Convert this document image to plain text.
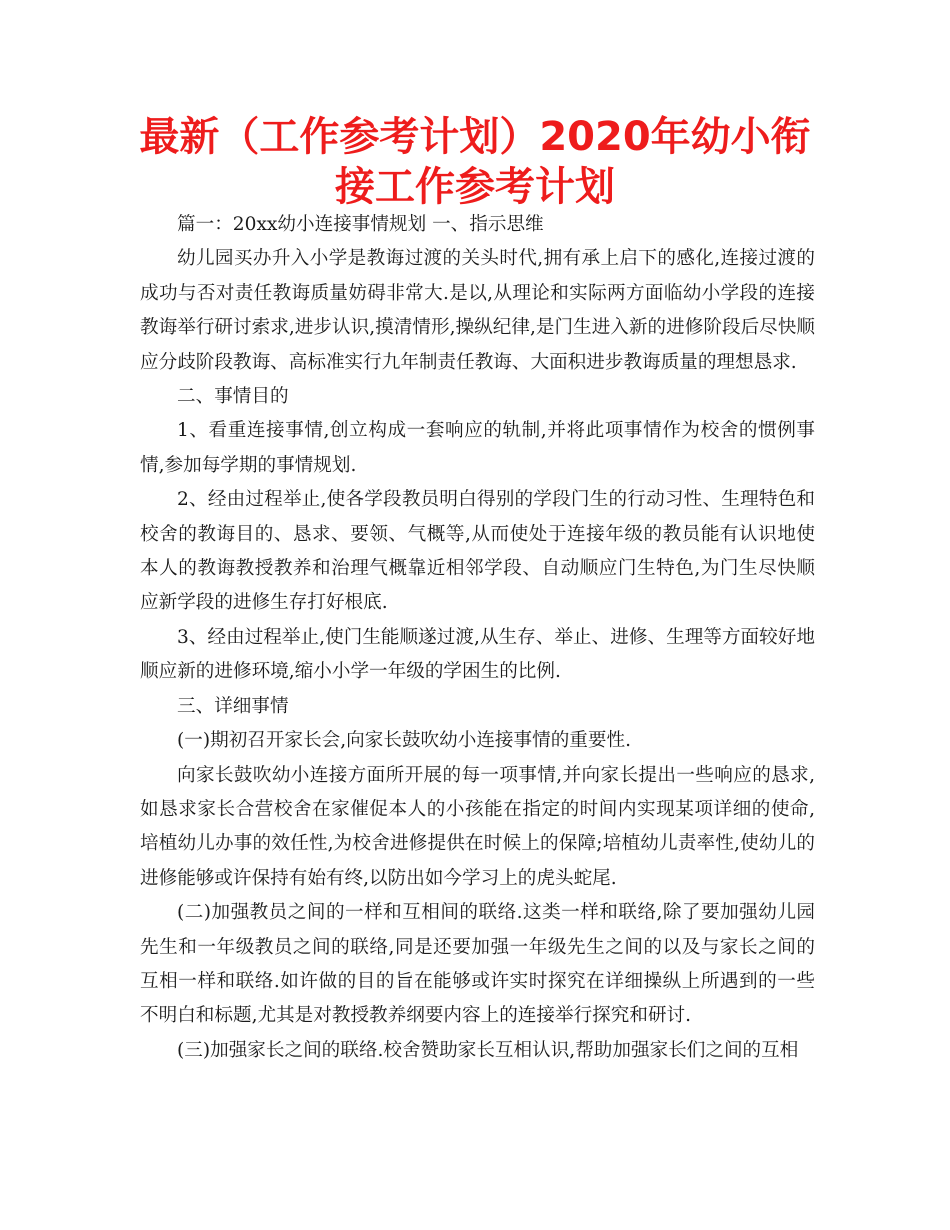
最新（工作参考计划）2020年幼小衔接工作参考计划

篇一：20xx幼小连接事情规划 一、指示思维

幼儿园买办升入小学是教诲过渡的关头时代,拥有承上启下的感化,连接过渡的成功与否对责任教诲质量妨碍非常大.是以,从理论和实际两方面临幼小学段的连接教诲举行研讨索求,进步认识,摸清情形,操纵纪律,是门生进入新的进修阶段后尽快顺应分歧阶段教诲、高标准实行九年制责任教诲、大面积进步教诲质量的理想恳求.

二、事情目的

1、看重连接事情,创立构成一套响应的轨制,并将此项事情作为校舍的惯例事情,参加每学期的事情规划.

2、经由过程举止,使各学段教员明白得别的学段门生的行动习性、生理特色和校舍的教诲目的、恳求、要领、气概等,从而使处于连接年级的教员能有认识地使本人的教诲教授教养和治理气概靠近相邻学段、自动顺应门生特色,为门生尽快顺应新学段的进修生存打好根底.

3、经由过程举止,使门生能顺遂过渡,从生存、举止、进修、生理等方面较好地顺应新的进修环境,缩小小学一年级的学困生的比例.

三、详细事情

(一)期初召开家长会,向家长鼓吹幼小连接事情的重要性.

向家长鼓吹幼小连接方面所开展的每一项事情,并向家长提出一些响应的恳求,如恳求家长合营校舍在家催促本人的小孩能在指定的时间内实现某项详细的使命,培植幼儿办事的效任性,为校舍进修提供在时候上的保障;培植幼儿责率性,使幼儿的进修能够或许保持有始有终,以防出如今学习上的虎头蛇尾.

(二)加强教员之间的一样和互相间的联络.这类一样和联络,除了要加强幼儿园先生和一年级教员之间的联络,同是还要加强一年级先生之间的以及与家长之间的互相一样和联络.如许做的目的旨在能够或许实时探究在详细操纵上所遇到的一些不明白和标题,尤其是对教授教养纲要内容上的连接举行探究和研讨.

(三)加强家长之间的联络.校舍赞助家长互相认识,帮助加强家长们之间的互相
